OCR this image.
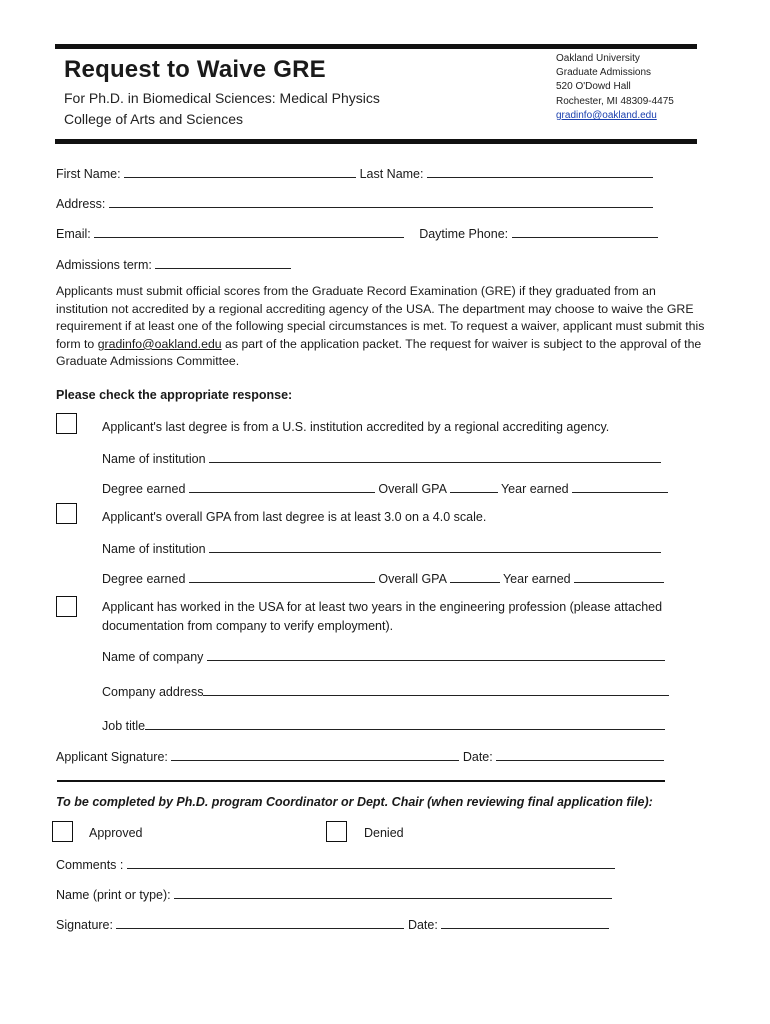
Request to Waive GRE
For Ph.D. in Biomedical Sciences: Medical Physics
College of Arts and Sciences
Oakland University
Graduate Admissions
520 O'Dowd Hall
Rochester, MI 48309-4475
gradinfo@oakland.edu
First Name:	Last Name:
Address:
Email:	Daytime Phone:
Admissions term:
Applicants must submit official scores from the Graduate Record Examination (GRE) if they graduated from an institution not accredited by a regional accrediting agency of the USA. The department may choose to waive the GRE requirement if at least one of the following special circumstances is met. To request a waiver, applicant must submit this form to gradinfo@oakland.edu as part of the application packet. The request for waiver is subject to the approval of the Graduate Admissions Committee.
Please check the appropriate response:
Applicant's last degree is from a U.S. institution accredited by a regional accrediting agency.
Name of institution
Degree earned	Overall GPA	Year earned
Applicant's overall GPA from last degree is at least 3.0 on a 4.0 scale.
Name of institution
Degree earned	Overall GPA	Year earned
Applicant has worked in the USA for at least two years in the engineering profession (please attached
documentation from company to verify employment).
Name of company
Company address
Job title
Applicant Signature:	Date:
To be completed by Ph.D. program Coordinator or Dept. Chair (when reviewing final application file):
Approved	Denied
Comments :
Name (print or type):
Signature:	Date:
